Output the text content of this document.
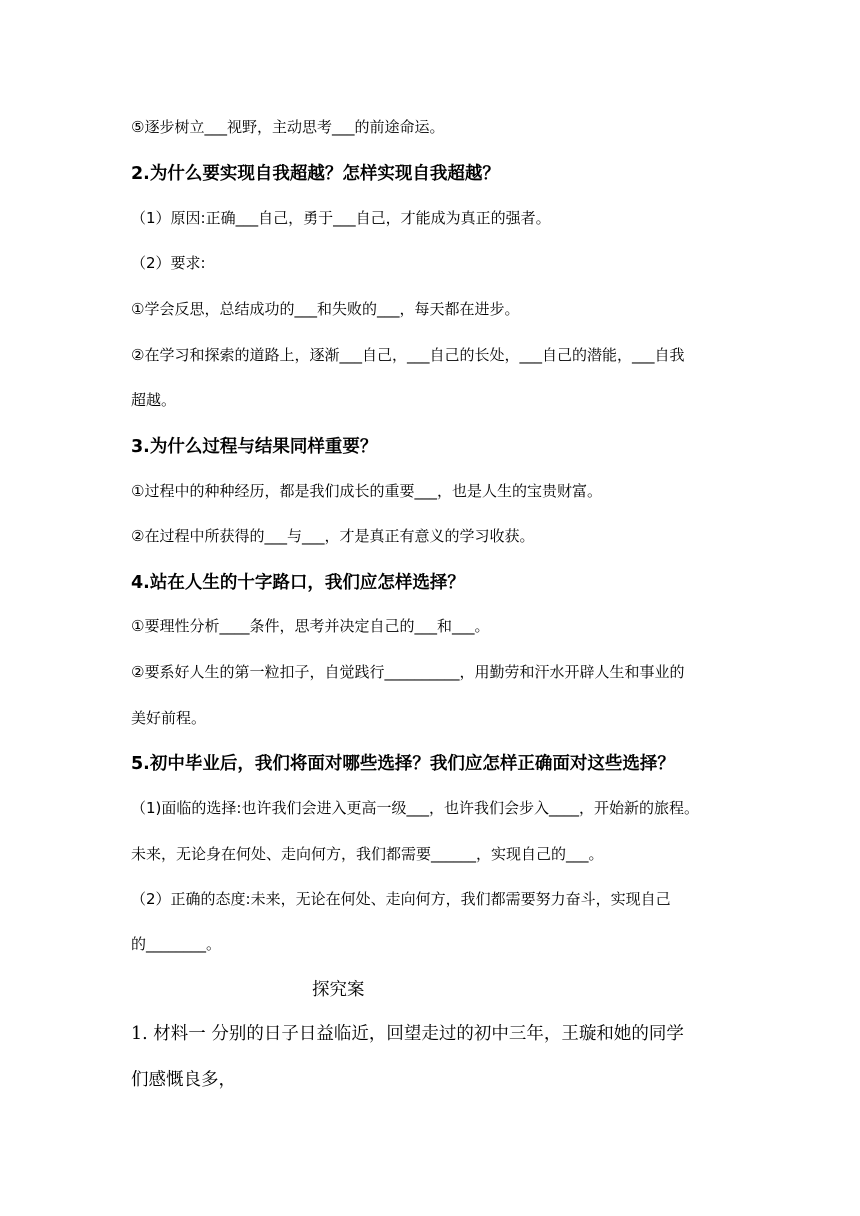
⑤逐步树立___视野，主动思考___的前途命运。

2.为什么要实现自我超越？怎样实现自我超越？

（1）原因:正确___自己，勇于___自己，才能成为真正的强者。

（2）要求:

①学会反思，总结成功的___和失败的___，每天都在进步。

②在学习和探索的道路上，逐渐___自己，___自己的长处，___自己的潜能，___自我

超越。

3.为什么过程与结果同样重要？

①过程中的种种经历，都是我们成长的重要___，也是人生的宝贵财富。

②在过程中所获得的___与___，才是真正有意义的学习收获。

4.站在人生的十字路口，我们应怎样选择？

①要理性分析____条件，思考并决定自己的___和___。

②要系好人生的第一粒扣子，自觉践行__________，用勤劳和汗水开辟人生和事业的

美好前程。

5.初中毕业后，我们将面对哪些选择？我们应怎样正确面对这些选择？

（1)面临的选择:也许我们会进入更高一级___，也许我们会步入____，开始新的旅程。

未来，无论身在何处、走向何方，我们都需要______，实现自己的___。

（2）正确的态度:未来，无论在何处、走向何方，我们都需要努力奋斗，实现自己

的________。

探究案

1. 材料一 分别的日子日益临近，回望走过的初中三年，王璇和她的同学

们感慨良多，
